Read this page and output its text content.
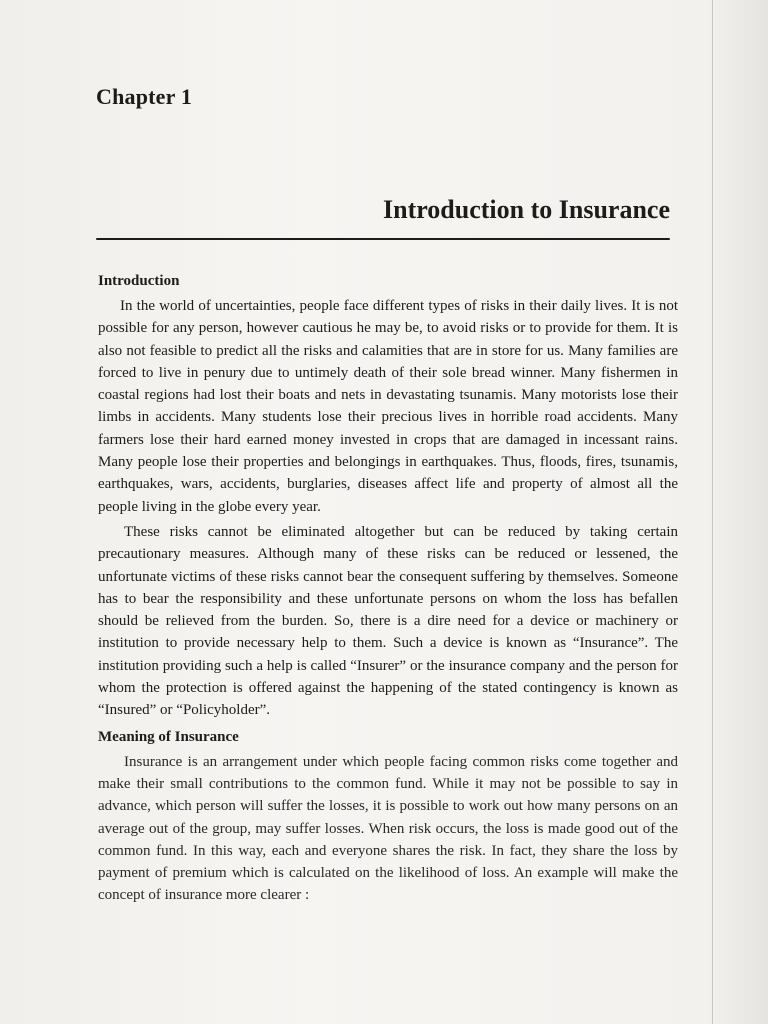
Chapter 1
Introduction to Insurance
Introduction

In the world of uncertainties, people face different types of risks in their daily lives. It is not possible for any person, however cautious he may be, to avoid risks or to provide for them. It is also not feasible to predict all the risks and calamities that are in store for us. Many families are forced to live in penury due to untimely death of their sole bread winner. Many fishermen in coastal regions had lost their boats and nets in devastating tsunamis. Many motorists lose their limbs in accidents. Many students lose their precious lives in horrible road accidents. Many farmers lose their hard earned money invested in crops that are damaged in incessant rains. Many people lose their properties and belongings in earthquakes. Thus, floods, fires, tsunamis, earthquakes, wars, accidents, burglaries, diseases affect life and property of almost all the people living in the globe every year.

These risks cannot be eliminated altogether but can be reduced by taking certain precautionary measures. Although many of these risks can be reduced or lessened, the unfortunate victims of these risks cannot bear the consequent suffering by themselves. Someone has to bear the responsibility and these unfortunate persons on whom the loss has befallen should be relieved from the burden. So, there is a dire need for a device or machinery or institution to provide necessary help to them. Such a device is known as “Insurance”. The institution providing such a help is called “Insurer” or the insurance company and the person for whom the protection is offered against the happening of the stated contingency is known as “Insured” or “Policyholder”.

Meaning of Insurance

Insurance is an arrangement under which people facing common risks come together and make their small contributions to the common fund. While it may not be possible to say in advance, which person will suffer the losses, it is possible to work out how many persons on an average out of the group, may suffer losses. When risk occurs, the loss is made good out of the common fund. In this way, each and everyone shares the risk. In fact, they share the loss by payment of premium which is calculated on the likelihood of loss. An example will make the concept of insurance more clearer :
